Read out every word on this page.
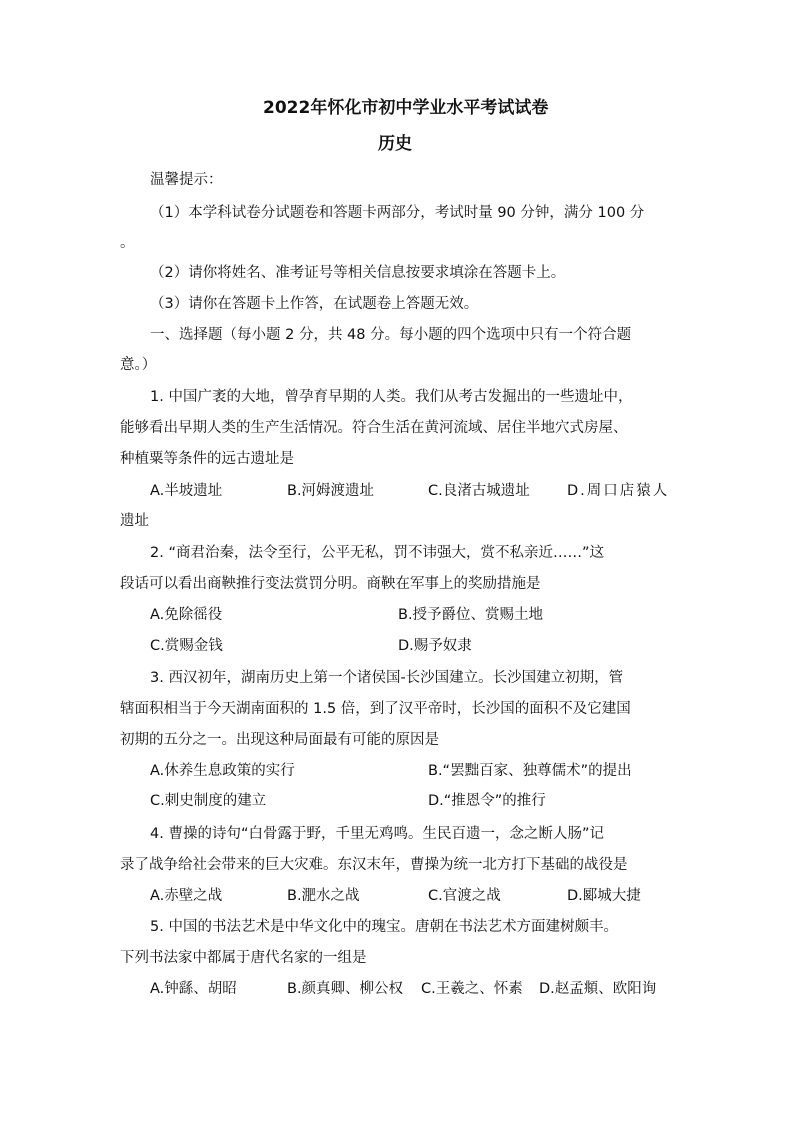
2022年怀化市初中学业水平考试试卷
历史
温馨提示：
（1）本学科试卷分试题卷和答题卡两部分，考试时量 90 分钟，满分 100 分
。
（2）请你将姓名、准考证号等相关信息按要求填涂在答题卡上。
（3）请你在答题卡上作答，在试题卷上答题无效。
一、选择题（每小题 2 分，共 48 分。每小题的四个选项中只有一个符合题
意。）
1. 中国广袤的大地，曾孕育早期的人类。我们从考古发掘出的一些遗址中，
能够看出早期人类的生产生活情况。符合生活在黄河流域、居住半地穴式房屋、
种植粟等条件的远古遗址是
A.半坡遗址	B.河姆渡遗址	C.良渚古城遗址	D.周口店猿人
遗址
2. “商君治秦，法令至行，公平无私，罚不讳强大，赏不私亲近……”这
段话可以看出商鞅推行变法赏罚分明。商鞅在军事上的奖励措施是
A.免除徭役	B.授予爵位、赏赐土地
C.赏赐金钱	D.赐予奴隶
3. 西汉初年，湖南历史上第一个诸侯国-长沙国建立。长沙国建立初期，管
辖面积相当于今天湖南面积的 1.5 倍，到了汉平帝时，长沙国的面积不及它建国
初期的五分之一。出现这种局面最有可能的原因是
A.休养生息政策的实行	B.“罢黜百家、独尊儒术”的提出
C.刺史制度的建立	D.“推恩令”的推行
4. 曹操的诗句“白骨露于野，千里无鸡鸣。生民百遗一，念之断人肠”记
录了战争给社会带来的巨大灾难。东汉末年，曹操为统一北方打下基础的战役是
A.赤壁之战	B.淝水之战	C.官渡之战	D.郾城大捷
5. 中国的书法艺术是中华文化中的瑰宝。唐朝在书法艺术方面建树颇丰。
下列书法家中都属于唐代名家的一组是
A.钟繇、胡昭	B.颜真卿、柳公权 C.王羲之、怀素 D.赵孟頫、欧阳询
